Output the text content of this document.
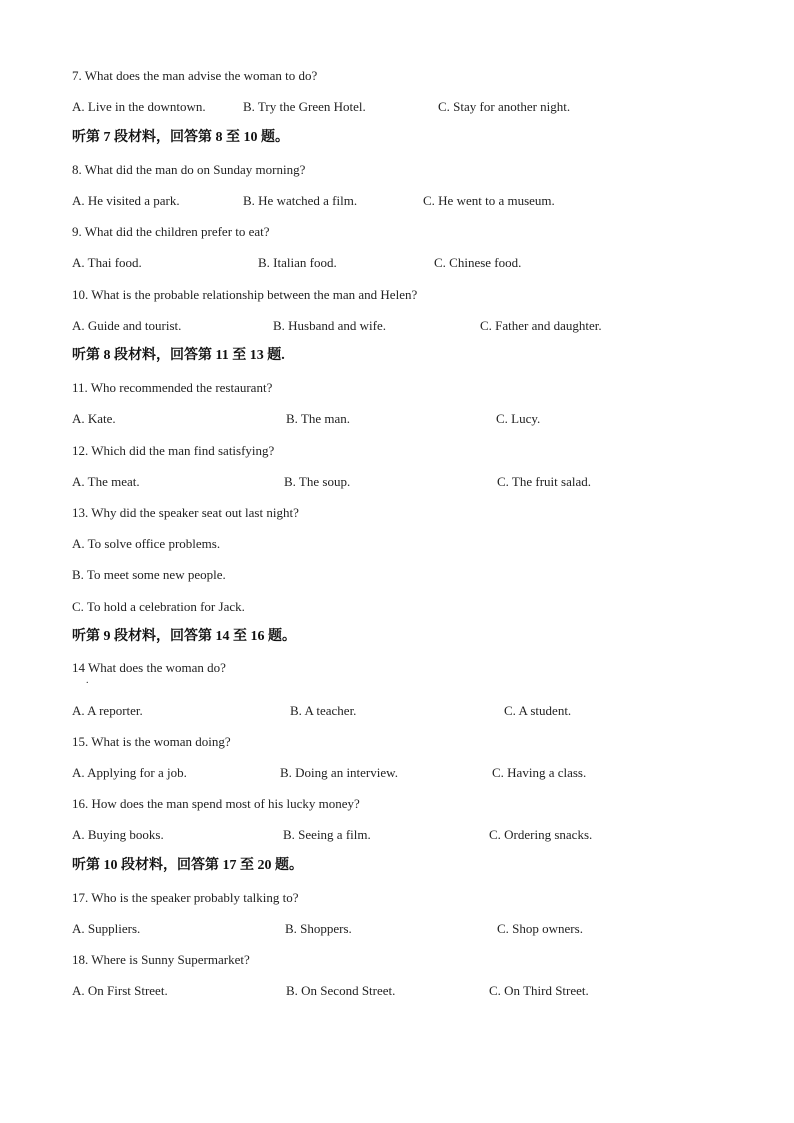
7. What does the man advise the woman to do?
A. Live in the downtown.	B. Try the Green Hotel.	C. Stay for another night.
听第 7 段材料，回答第 8 至 10 题。
8. What did the man do on Sunday morning?
A. He visited a park.	B. He watched a film.	C. He went to a museum.
9. What did the children prefer to eat?
A. Thai food.	B. Italian food.	C. Chinese food.
10. What is the probable relationship between the man and Helen?
A. Guide and tourist.	B. Husband and wife.	C. Father and daughter.
听第 8 段材料，回答第 11 至 13 题.
11. Who recommended the restaurant?
A. Kate.	B. The man.	C. Lucy.
12. Which did the man find satisfying?
A. The meat.	B. The soup.	C. The fruit salad.
13. Why did the speaker seat out last night?
A. To solve office problems.
B. To meet some new people.
C. To hold a celebration for Jack.
听第 9 段材料，回答第 14 至 16 题。
14 What does the woman do?
.
A. A reporter.	B. A teacher.	C. A student.
15. What is the woman doing?
A. Applying for a job.	B. Doing an interview.	C. Having a class.
16. How does the man spend most of his lucky money?
A. Buying books.	B. Seeing a film.	C. Ordering snacks.
听第 10 段材料，回答第 17 至 20 题。
17. Who is the speaker probably talking to?
A. Suppliers.	B. Shoppers.	C. Shop owners.
18. Where is Sunny Supermarket?
A. On First Street.	B. On Second Street.	C. On Third Street.
